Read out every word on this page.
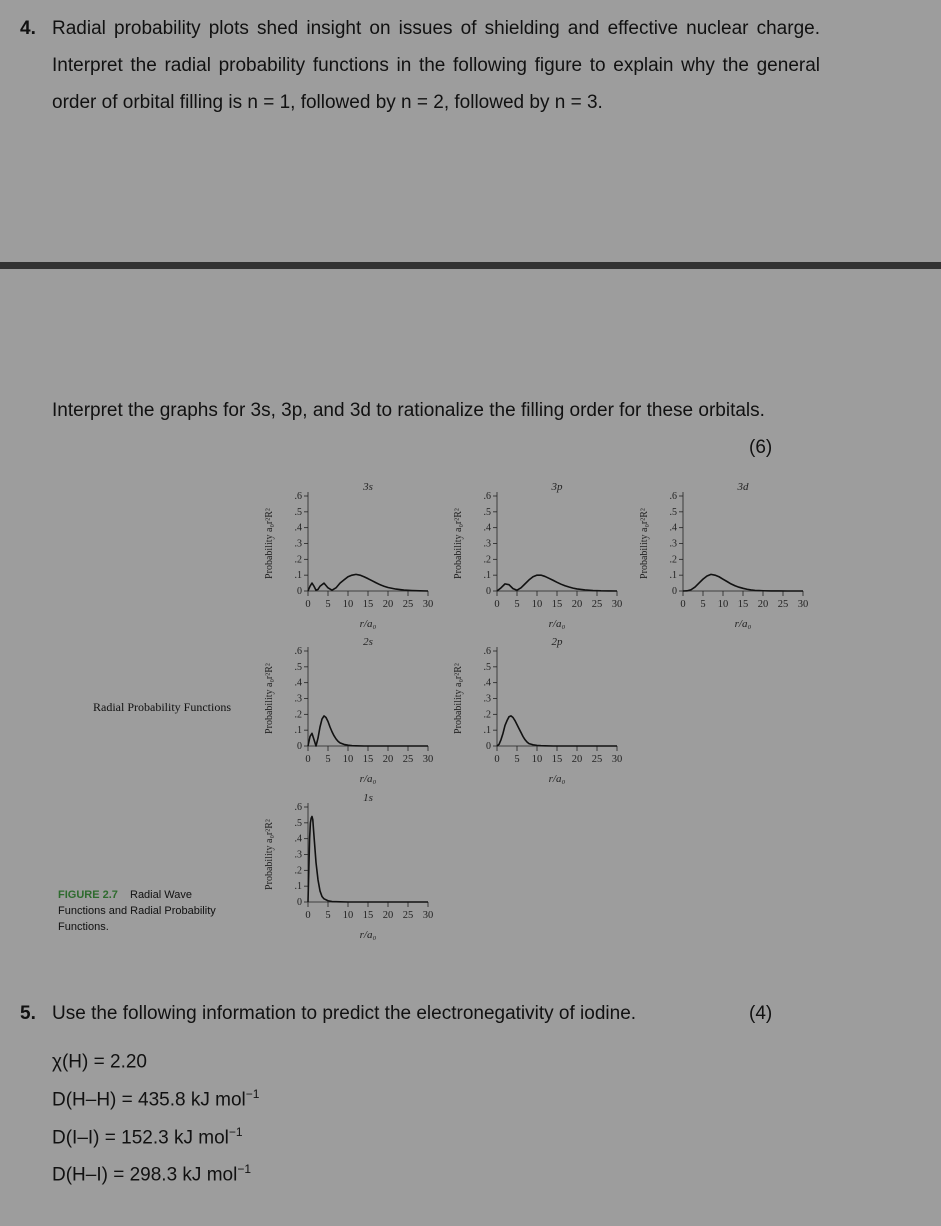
4. Radial probability plots shed insight on issues of shielding and effective nuclear charge. Interpret the radial probability functions in the following figure to explain why the general order of orbital filling is n = 1, followed by n = 2, followed by n = 3.
Interpret the graphs for 3s, 3p, and 3d to rationalize the filling order for these orbitals.
(6)
Radial Probability Functions
FIGURE 2.7 Radial Wave
Functions and Radial Probability
Functions.
0
.1
.2
.3
.4
.5
.6
0 5 10 15 20 25 30
r/a₀
Probability a₀r²R²
3s
0
.1
.2
.3
.4
.5
.6
0 5 10 15 20 25 30
r/a₀
Probability a₀r²R²
3p
0
.1
.2
.3
.4
.5
.6
0 5 10 15 20 25 30
r/a₀
Probability a₀r²R²
3d
0
.1
.2
.3
.4
.5
.6
0 5 10 15 20 25 30
r/a₀
Probability a₀r²R²
2s
0
.1
.2
.3
.4
.5
.6
0 5 10 15 20 25 30
r/a₀
Probability a₀r²R²
2p
0
.1
.2
.3
.4
.5
.6
0 5 10 15 20 25 30
r/a₀
Probability a₀r²R²
1s
5. Use the following information to predict the electronegativity of iodine.	(4)
χ(H) = 2.20
D(H–H) = 435.8 kJ mol$^{-1}$
D(I–I) = 152.3 kJ mol$^{-1}$
D(H–I) = 298.3 kJ mol$^{-1}$
